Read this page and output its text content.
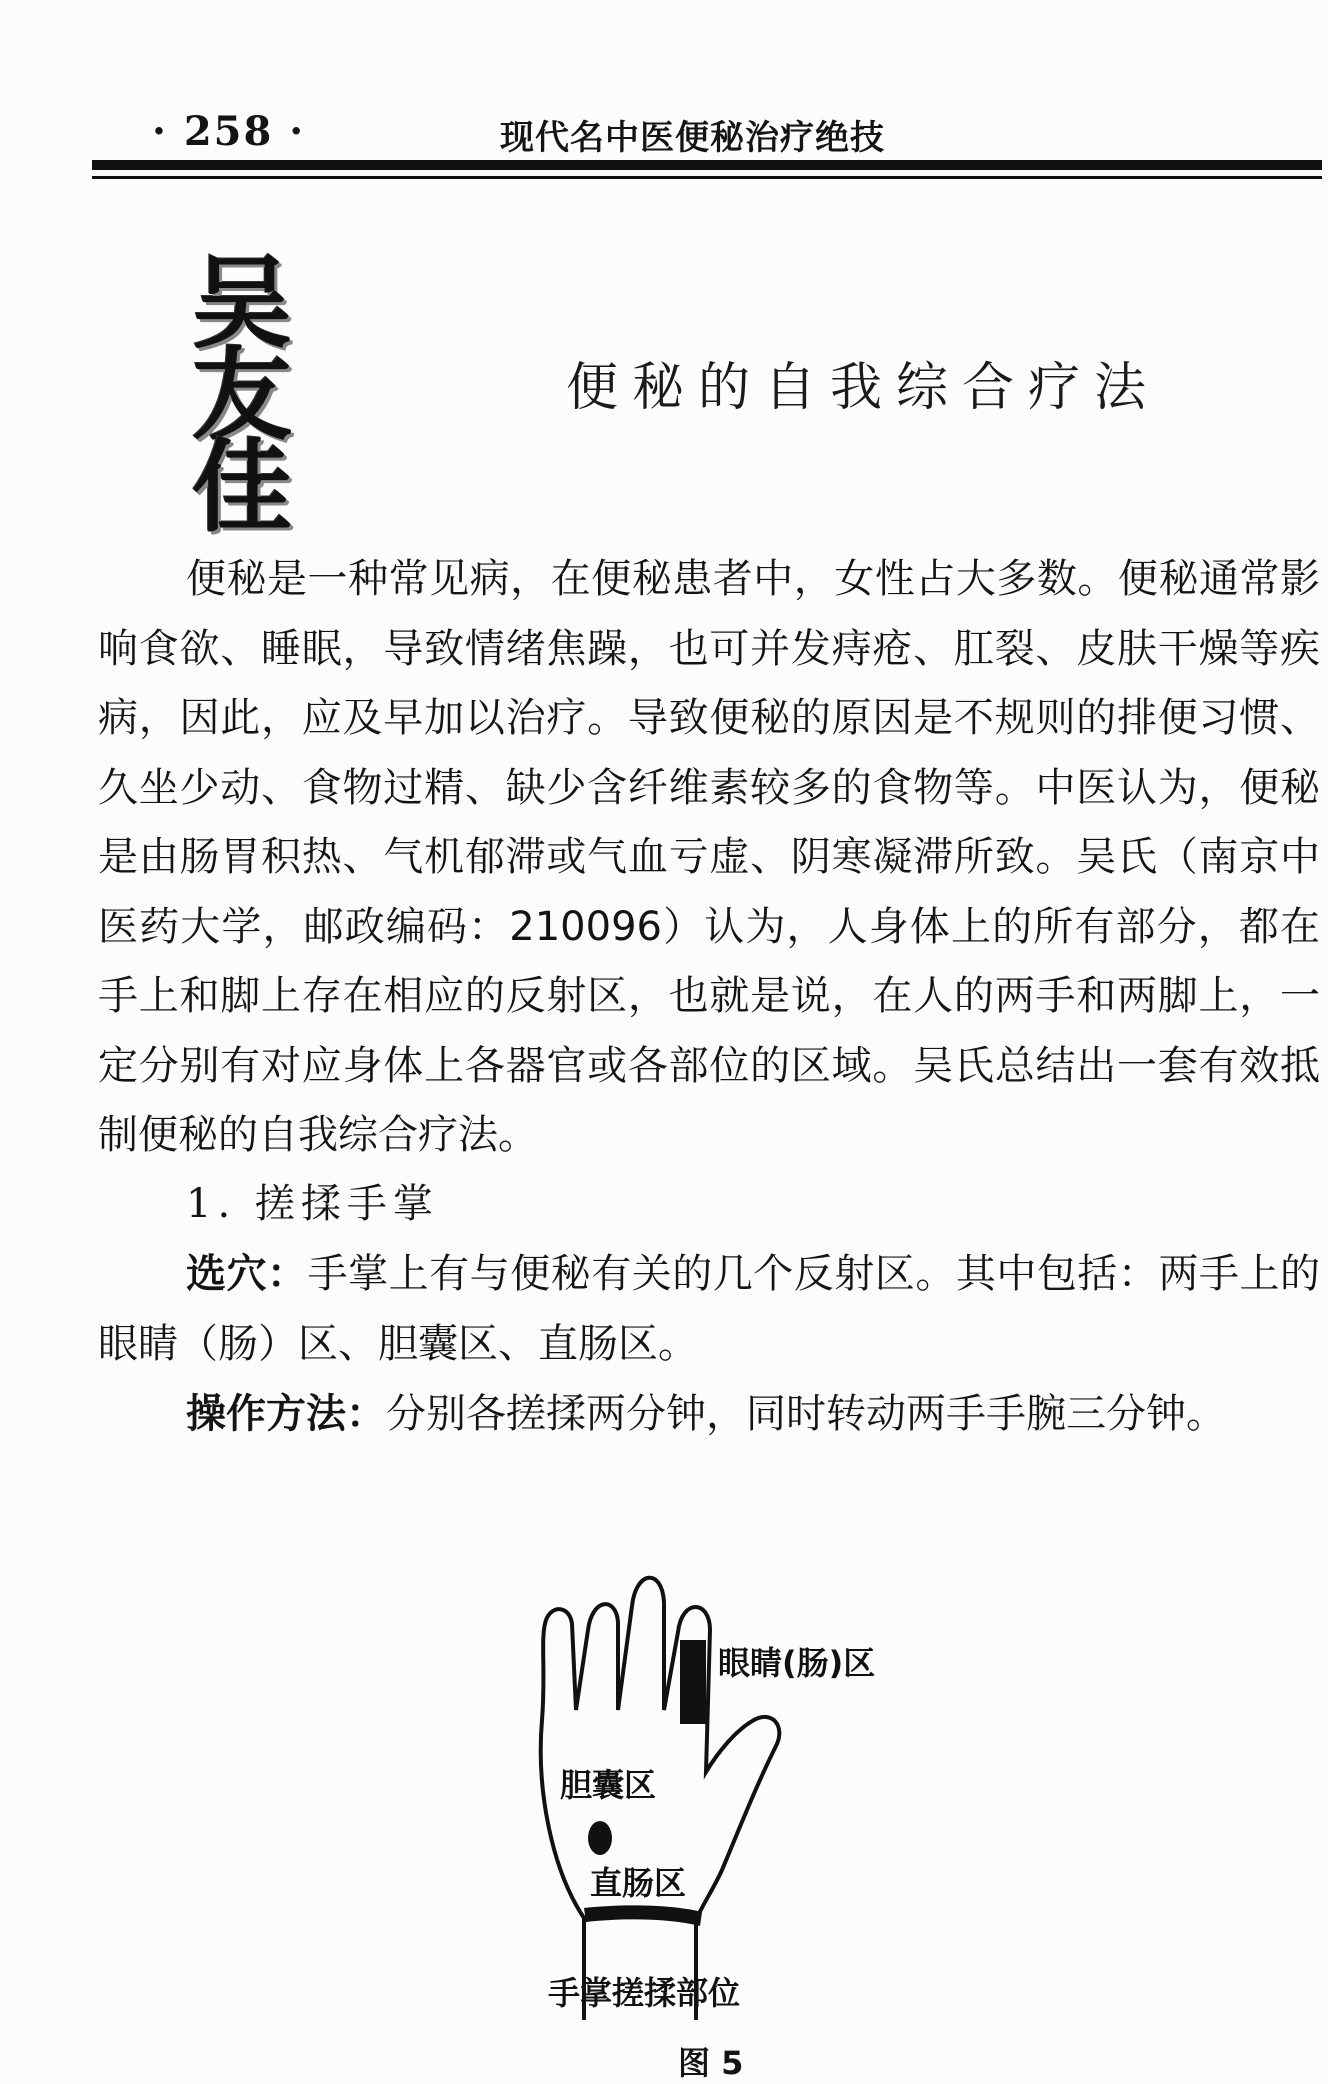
· 258 ·	现代名中医便秘治疗绝技
吴友佳
便秘的自我综合疗法

便秘是一种常见病，在便秘患者中，女性占大多数。便秘通常影响食欲、睡眠，导致情绪焦躁，也可并发痔疮、肛裂、皮肤干燥等疾病，因此，应及早加以治疗。导致便秘的原因是不规则的排便习惯、久坐少动、食物过精、缺少含纤维素较多的食物等。中医认为，便秘是由肠胃积热、气机郁滞或气血亏虚、阴寒凝滞所致。吴氏（南京中医药大学，邮政编码：210096）认为，人身体上的所有部分，都在手上和脚上存在相应的反射区，也就是说，在人的两手和两脚上，一定分别有对应身体上各器官或各部位的区域。吴氏总结出一套有效抵制便秘的自我综合疗法。

1. 搓揉手掌

选穴：手掌上有与便秘有关的几个反射区。其中包括：两手上的眼睛（肠）区、胆囊区、直肠区。

操作方法：分别各搓揉两分钟，同时转动两手手腕三分钟。

眼睛(肠)区
胆囊区
直肠区
手掌搓揉部位
图 5
